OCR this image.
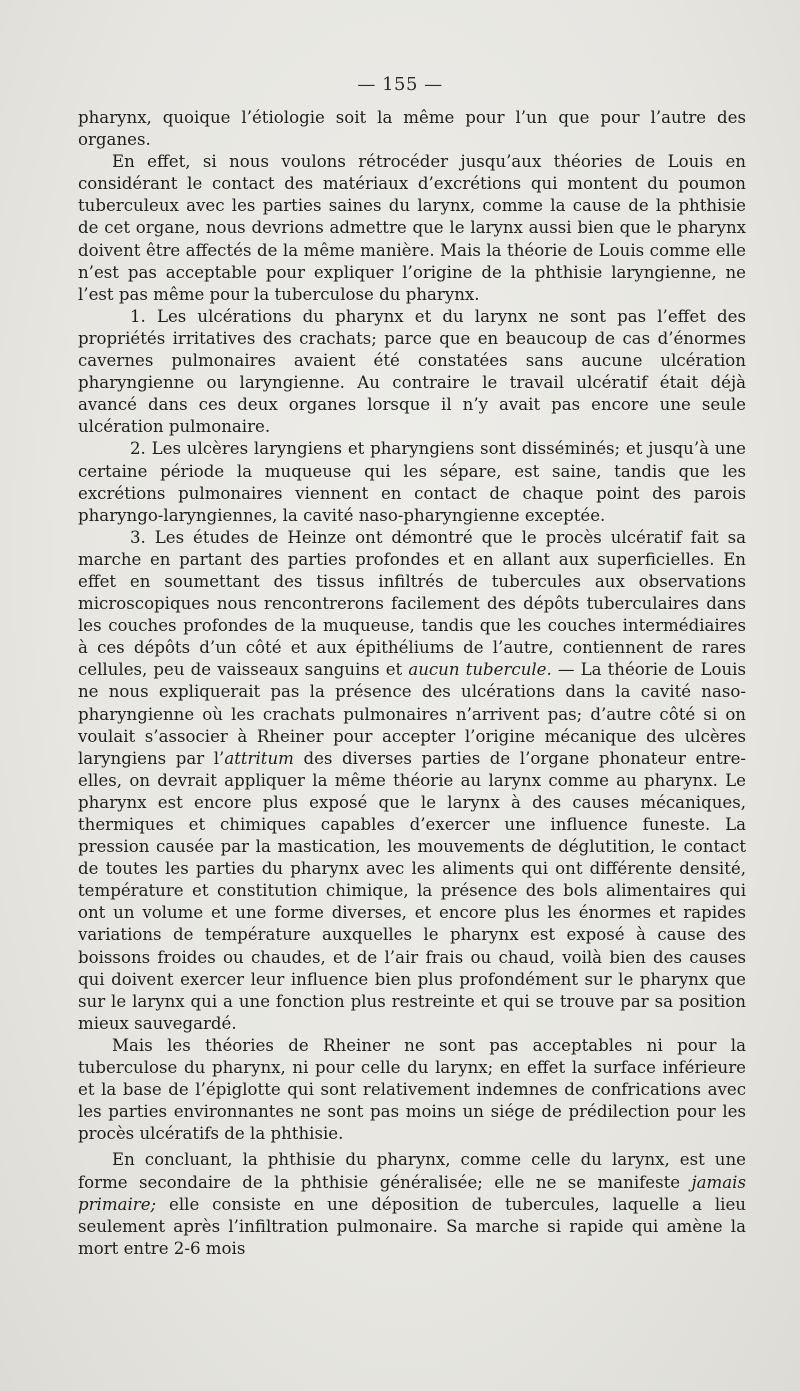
— 155 —

pharynx, quoique l’étiologie soit la même pour l’un que pour l’autre des organes.

En effet, si nous voulons rétrocéder jusqu’aux théories de Louis en considérant le contact des matériaux d’excrétions qui montent du poumon tuberculeux avec les parties saines du larynx, comme la cause de la phthisie de cet organe, nous devrions admettre que le larynx aussi bien que le pharynx doivent être affectés de la même manière. Mais la théorie de Louis comme elle n’est pas acceptable pour expliquer l’origine de la phthisie laryngienne, ne l’est pas même pour la tuberculose du pharynx.

1. Les ulcérations du pharynx et du larynx ne sont pas l’effet des propriétés irritatives des crachats; parce que en beaucoup de cas d’énormes cavernes pulmonaires avaient été constatées sans aucune ulcération pharyngienne ou laryngienne. Au contraire le travail ulcératif était déjà avancé dans ces deux organes lorsque il n’y avait pas encore une seule ulcération pulmonaire.

2. Les ulcères laryngiens et pharyngiens sont disséminés; et jusqu’à une certaine période la muqueuse qui les sépare, est saine, tandis que les excrétions pulmonaires viennent en contact de chaque point des parois pharyngo-laryngiennes, la cavité naso-pharyngienne exceptée.

3. Les études de Heinze ont démontré que le procès ulcératif fait sa marche en partant des parties profondes et en allant aux superficielles. En effet en soumettant des tissus infiltrés de tubercules aux observations microscopiques nous rencontrerons facilement des dépôts tuberculaires dans les couches profondes de la muqueuse, tandis que les couches intermédiaires à ces dépôts d’un côté et aux épithéliums de l’autre, contiennent de rares cellules, peu de vaisseaux sanguins et aucun tubercule. — La théorie de Louis ne nous expliquerait pas la présence des ulcérations dans la cavité naso-pharyngienne où les crachats pulmonaires n’arrivent pas; d’autre côté si on voulait s’associer à Rheiner pour accepter l’origine mécanique des ulcères laryngiens par l’attritum des diverses parties de l’organe phonateur entre-elles, on devrait appliquer la même théorie au larynx comme au pharynx. Le pharynx est encore plus exposé que le larynx à des causes mécaniques, thermiques et chimiques capables d’exercer une influence funeste. La pression causée par la mastication, les mouvements de déglutition, le contact de toutes les parties du pharynx avec les aliments qui ont différente densité, température et constitution chimique, la présence des bols alimentaires qui ont un volume et une forme diverses, et encore plus les énormes et rapides variations de température auxquelles le pharynx est exposé à cause des boissons froides ou chaudes, et de l’air frais ou chaud, voilà bien des causes qui doivent exercer leur influence bien plus profondément sur le pharynx que sur le larynx qui a une fonction plus restreinte et qui se trouve par sa position mieux sauvegardé.

Mais les théories de Rheiner ne sont pas acceptables ni pour la tuberculose du pharynx, ni pour celle du larynx; en effet la surface inférieure et la base de l’épiglotte qui sont relativement indemnes de confrications avec les parties environnantes ne sont pas moins un siége de prédilection pour les procès ulcératifs de la phthisie.

En concluant, la phthisie du pharynx, comme celle du larynx, est une forme secondaire de la phthisie généralisée; elle ne se manifeste jamais primaire; elle consiste en une déposition de tubercules, laquelle a lieu seulement après l’infiltration pulmonaire. Sa marche si rapide qui amène la mort entre 2-6 mois
